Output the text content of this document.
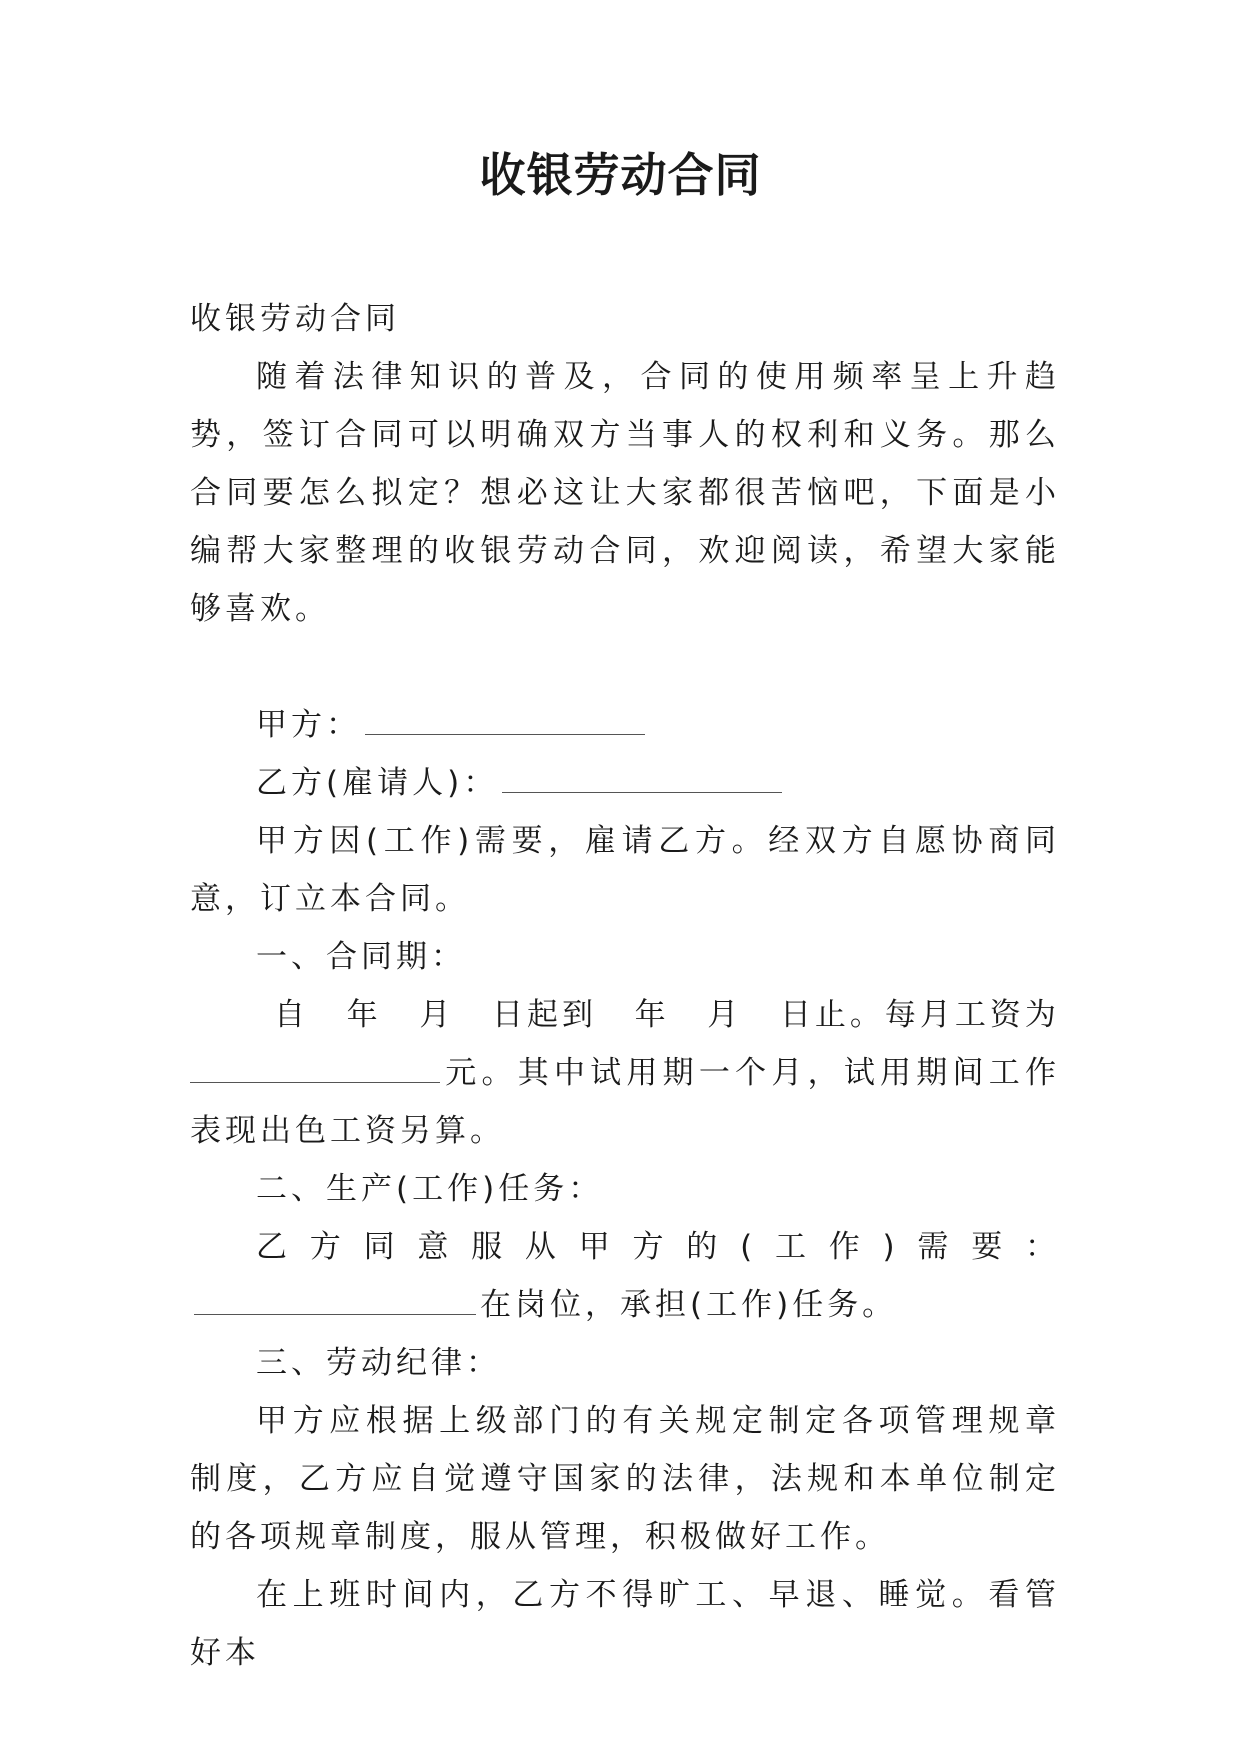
收银劳动合同

收银劳动合同

随着法律知识的普及，合同的使用频率呈上升趋势，签订合同可以明确双方当事人的权利和义务。那么合同要怎么拟定？想必这让大家都很苦恼吧，下面是小编帮大家整理的收银劳动合同，欢迎阅读，希望大家能够喜欢。

甲方：

乙方(雇请人)：

甲方因(工作)需要，雇请乙方。经双方自愿协商同意，订立本合同。

一、合同期：

自 年 月 日起到 年 月 日止。每月工资为

元。其中试用期一个月，试用期间工作表现出色工资另算。

二、生产(工作)任务：

乙方同意服从甲方的(工作)需要：在岗位，承担(工作)任务。

三、劳动纪律：

甲方应根据上级部门的有关规定制定各项管理规章制度，乙方应自觉遵守国家的法律，法规和本单位制定的各项规章制度，服从管理，积极做好工作。

在上班时间内，乙方不得旷工、早退、睡觉。看管好本
